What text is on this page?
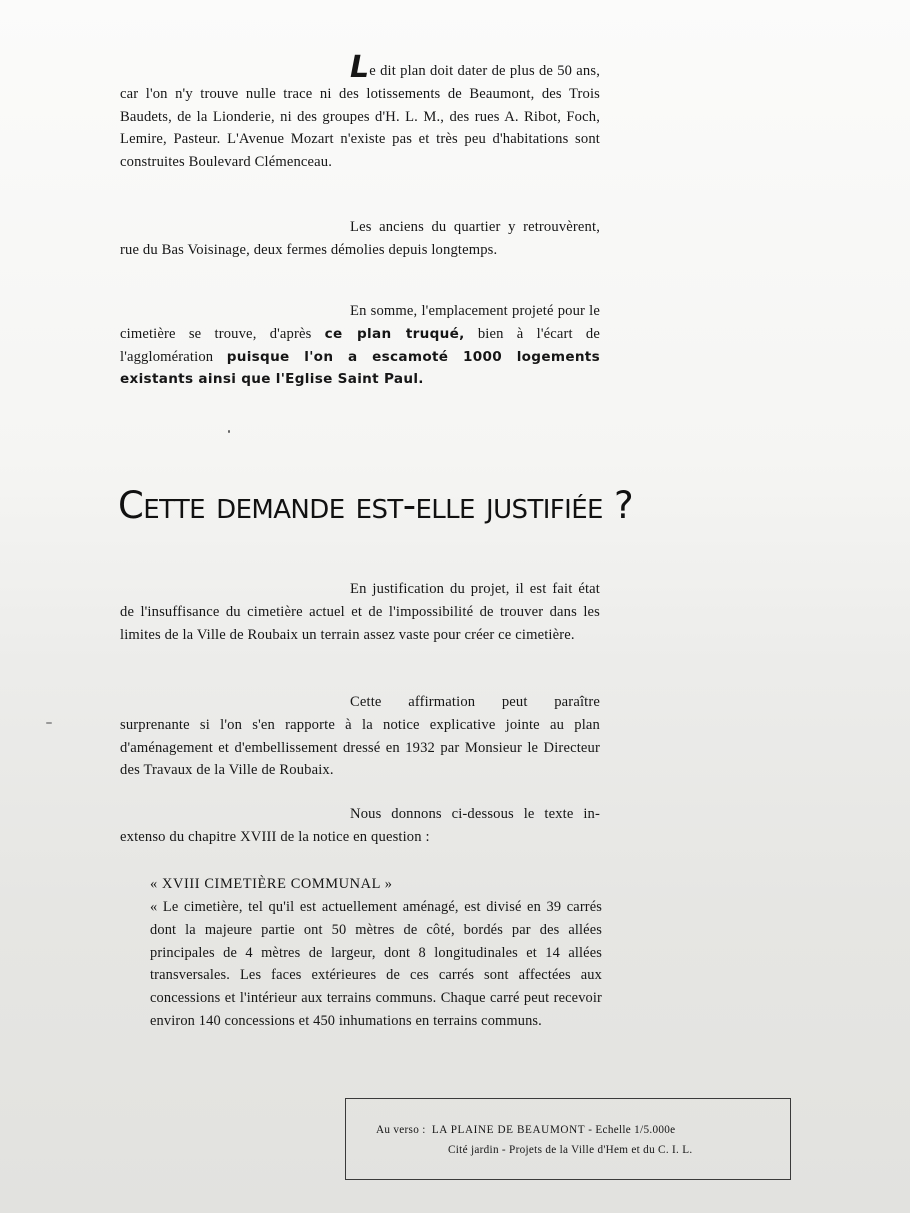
Le dit plan doit dater de plus de 50 ans, car l'on n'y trouve nulle trace ni des lotissements de Beaumont, des Trois Baudets, de la Lionderie, ni des groupes d'H. L. M., des rues A. Ribot, Foch, Lemire, Pasteur. L'Avenue Mozart n'existe pas et très peu d'habitations sont construites Boulevard Clémenceau.

Les anciens du quartier y retrouvèrent, rue du Bas Voisinage, deux fermes démolies depuis longtemps.

En somme, l'emplacement projeté pour le cimetière se trouve, d'après ce plan truqué, bien à l'écart de l'agglomération puisque l'on a escamoté 1000 logements existants ainsi que l'Eglise Saint Paul.

Cette demande est-elle justifiée ?

En justification du projet, il est fait état de l'insuffisance du cimetière actuel et de l'impossibilité de trouver dans les limites de la Ville de Roubaix un terrain assez vaste pour créer ce cimetière.

Cette affirmation peut paraître surprenante si l'on s'en rapporte à la notice explicative jointe au plan d'aménagement et d'embellissement dressé en 1932 par Monsieur le Directeur des Travaux de la Ville de Roubaix.

Nous donnons ci-dessous le texte in-extenso du chapitre XVIII de la notice en question :

« XVIII CIMETIÈRE COMMUNAL »

« Le cimetière, tel qu'il est actuellement aménagé, est divisé en 39 carrés dont la majeure partie ont 50 mètres de côté, bordés par des allées principales de 4 mètres de largeur, dont 8 longitudinales et 14 allées transversales. Les faces extérieures de ces carrés sont affectées aux concessions et l'intérieur aux terrains communs. Chaque carré peut recevoir environ 140 concessions et 450 inhumations en terrains communs.

Au verso : LA PLAINE DE BEAUMONT - Echelle 1/5.000e
Cité jardin - Projets de la Ville d'Hem et du C. I. L.
